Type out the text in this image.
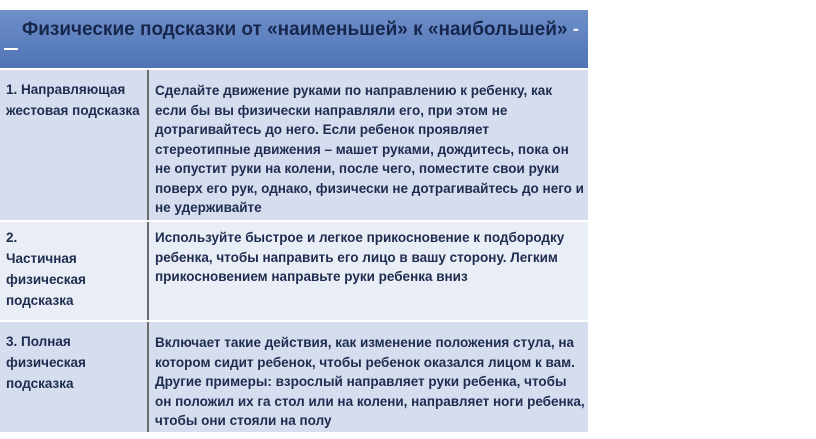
Физические подсказки от «наименьшей» к «наибольшей» -
1. Направляющая жестовая подсказка
Сделайте движение руками по направлению к ребенку, как если бы вы физически направляли его, при этом не дотрагивайтесь до него. Если ребенок проявляет стереотипные движения – машет руками, дождитесь, пока он не опустит руки на колени, после чего, поместите свои руки поверх его рук, однако, физически не дотрагивайтесь до него и не удерживайте
2.
Частичная физическая подсказка
Используйте быстрое и легкое прикосновение к подбородку ребенка, чтобы направить его лицо в вашу сторону. Легким прикосновением направьте руки ребенка вниз
3. Полная физическая подсказка
Включает такие действия, как изменение положения стула, на котором сидит ребенок, чтобы ребенок оказался лицом к вам. Другие примеры: взрослый направляет руки ребенка, чтобы он положил их га стол или на колени, направляет ноги ребенка, чтобы они стояли на полу
